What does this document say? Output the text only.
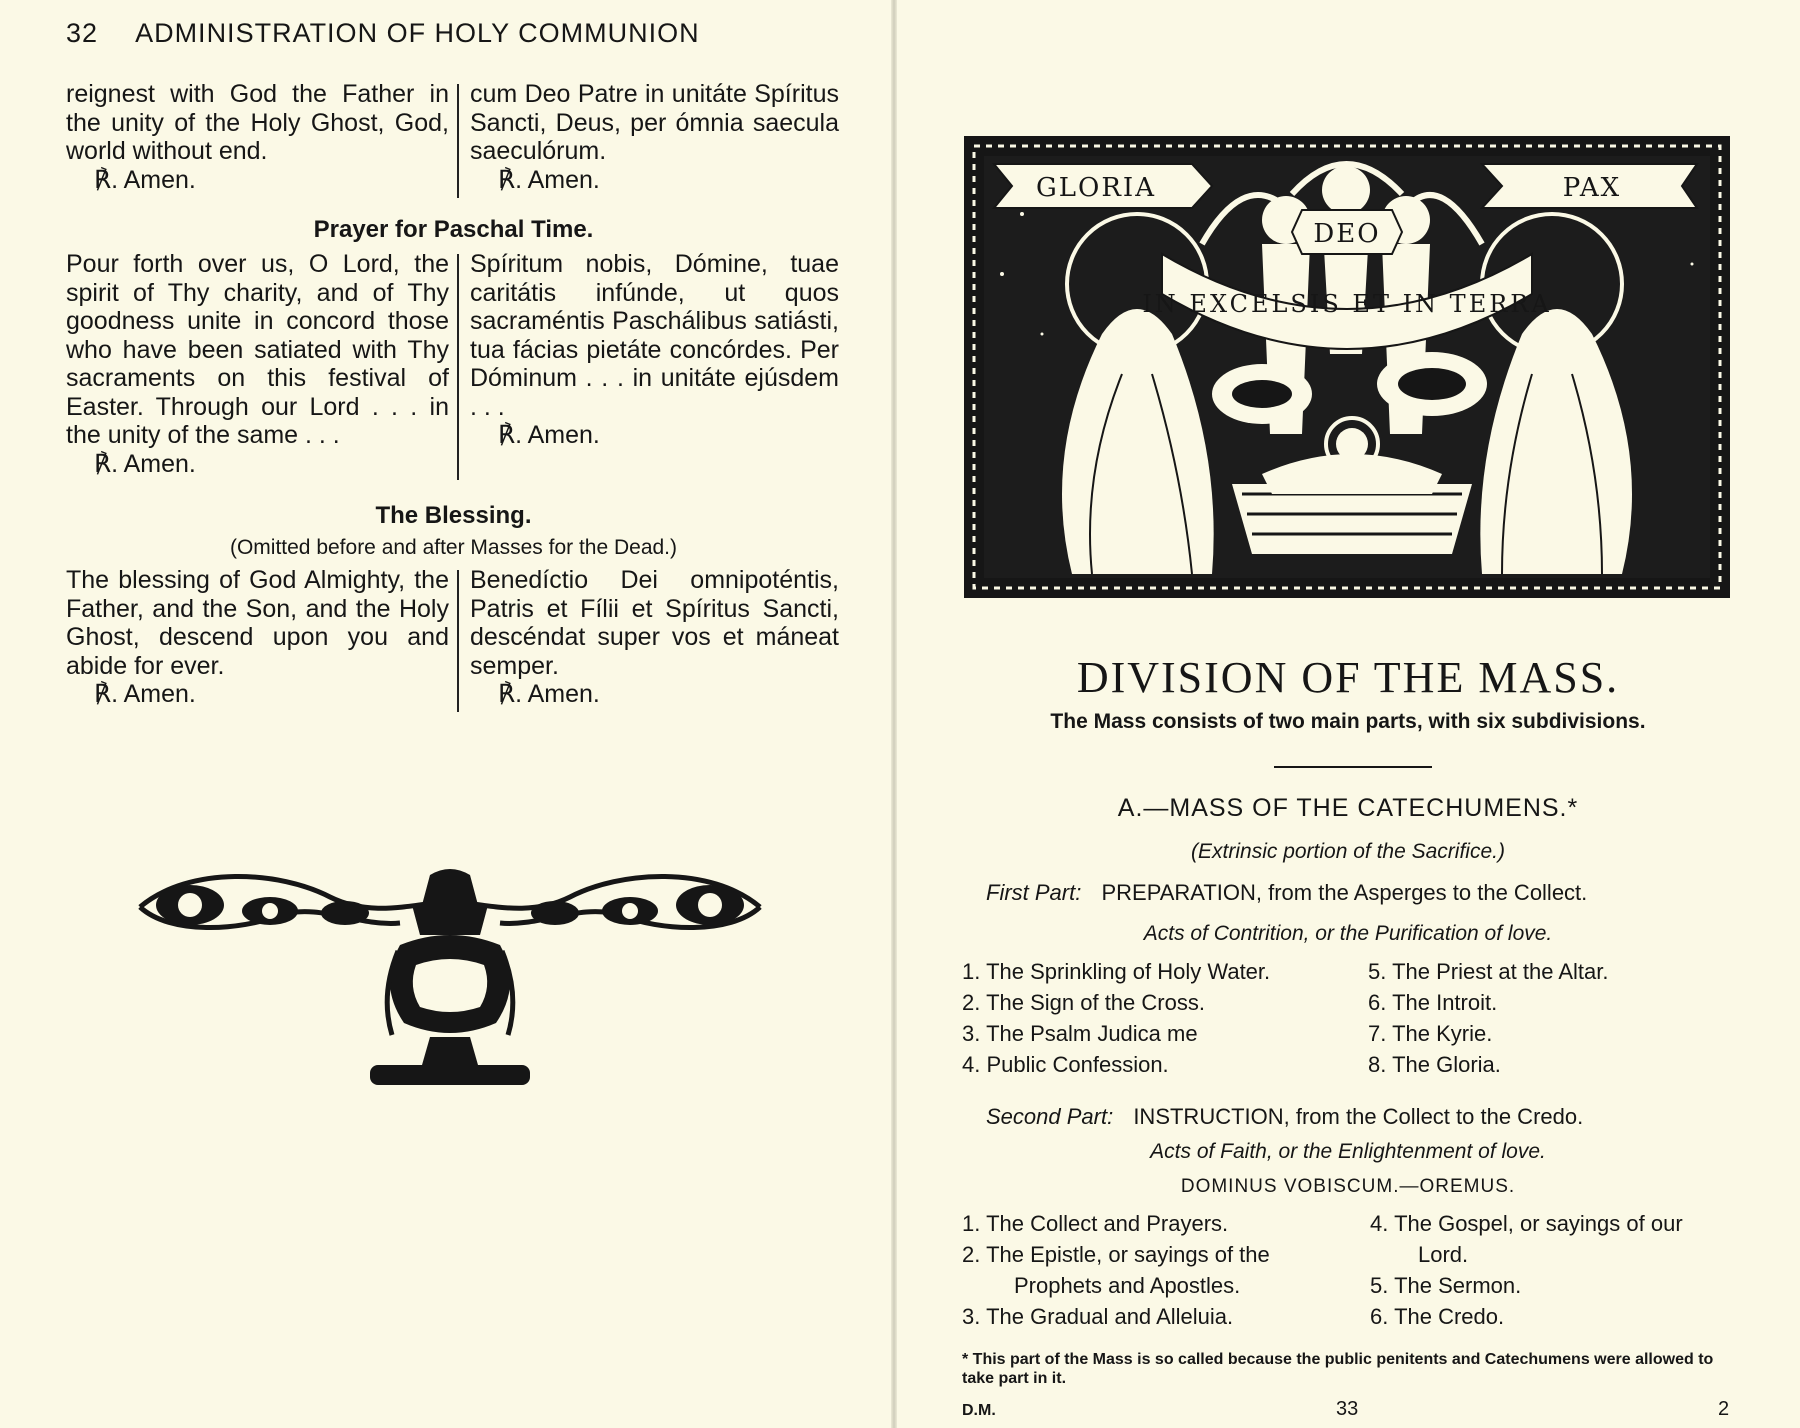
32 ADMINISTRATION OF HOLY COMMUNION
reignest with God the Father in the unity of the Holy Ghost, God, world without end.
℟. Amen.
cum Deo Patre in unitáte Spíritus Sancti, Deus, per ómnia saecula saeculórum.
℟. Amen.
Prayer for Paschal Time.
Pour forth over us, O Lord, the spirit of Thy charity, and of Thy goodness unite in concord those who have been satiated with Thy sacraments on this festival of Easter. Through our Lord . . . in the unity of the same . . .
℟. Amen.
Spíritum nobis, Dómine, tuae caritátis infúnde, ut quos sacraméntis Paschálibus satiásti, tua fácias pietáte concórdes. Per Dóminum . . . in unitáte ejúsdem . . .
℟. Amen.
The Blessing.
(Omitted before and after Masses for the Dead.)
The blessing of God Almighty, the Father, and the Son, and the Holy Ghost, descend upon you and abide for ever.
℟. Amen.
Benedíctio Dei omnipoténtis, Patris et Fílii et Spíritus Sancti, descéndat super vos et máneat semper.
℟. Amen.
GLORIA	PAX
DEO
IN EXCELSIS ET IN TERRA
DIVISION OF THE MASS.
The Mass consists of two main parts, with six subdivisions.
A.—MASS OF THE CATECHUMENS.*
(Extrinsic portion of the Sacrifice.)
First Part: PREPARATION, from the Asperges to the Collect.
Acts of Contrition, or the Purification of love.
1. The Sprinkling of Holy Water.
2. The Sign of the Cross.
3. The Psalm Judica me
4. Public Confession.
5. The Priest at the Altar.
6. The Introit.
7. The Kyrie.
8. The Gloria.
Second Part: INSTRUCTION, from the Collect to the Credo.
Acts of Faith, or the Enlightenment of love.
DOMINUS VOBISCUM.—OREMUS.
1. The Collect and Prayers.
2. The Epistle, or sayings of the
Prophets and Apostles.
3. The Gradual and Alleluia.
4. The Gospel, or sayings of our
Lord.
5. The Sermon.
6. The Credo.
* This part of the Mass is so called because the public penitents and Catechumens were allowed to take part in it.
D.M.	33	2
